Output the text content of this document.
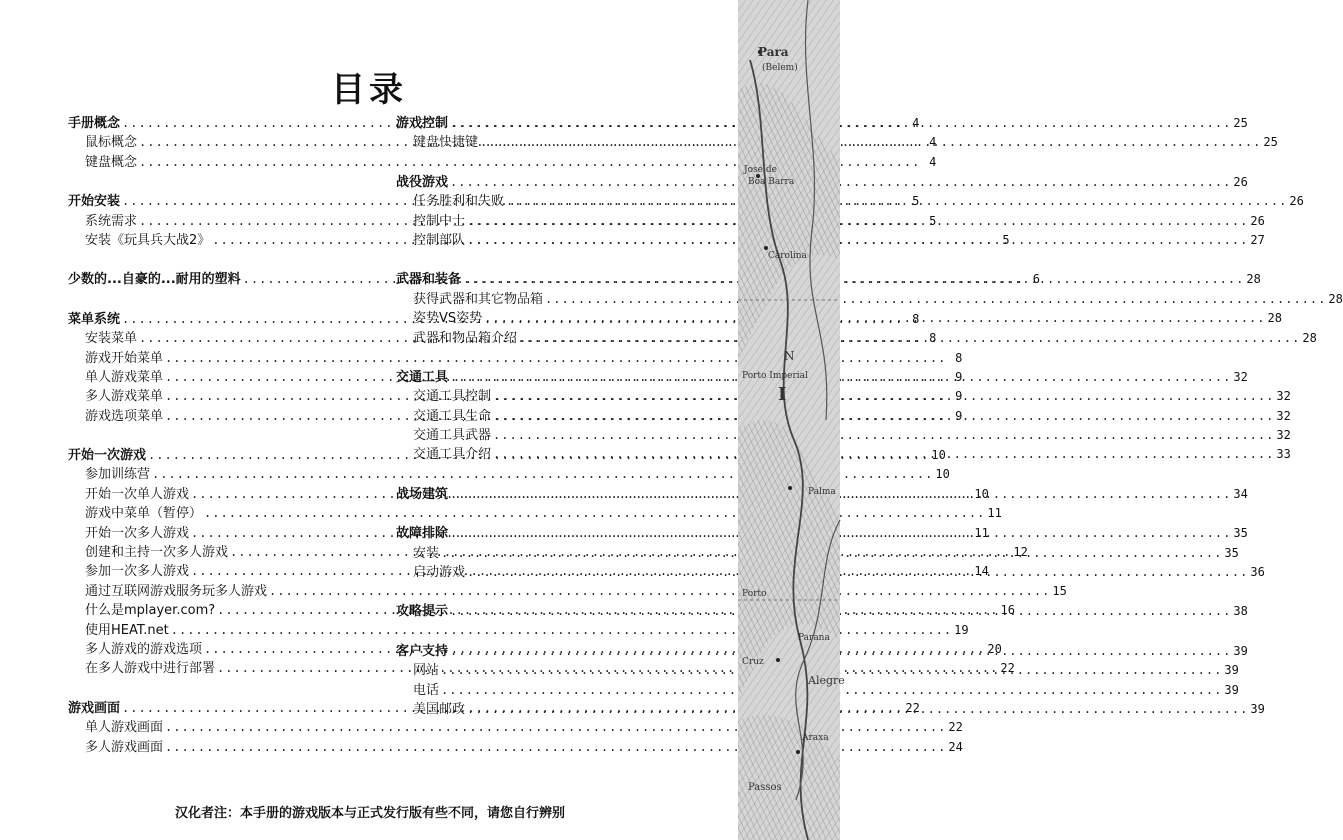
目录
手册概念 .....	4
鼠标概念 .....	4
键盘概念 .....	4
开始安装 .....	5
系统需求 .....	5
安装《玩具兵大战2》 .....	5
少数的...自豪的...耐用的塑料 .....	6
菜单系统 .....	8
安装菜单 .....	8
游戏开始菜单 .....	8
单人游戏菜单 .....	9
多人游戏菜单 .....	9
游戏选项菜单 .....	9
开始一次游戏 .....	10
参加训练营 .....	10
开始一次单人游戏 .....	10
游戏中菜单（暂停） .....	11
开始一次多人游戏 .....	11
创建和主持一次多人游戏 .....	12
参加一次多人游戏 .....	14
通过互联网游戏服务玩多人游戏 .....	15
什么是mplayer.com? .....	16
使用HEAT.net .....	19
多人游戏的游戏选项 .....	20
在多人游戏中进行部署 .....	22
游戏画面 .....	22
单人游戏画面 .....	22
多人游戏画面 .....	24
游戏控制 .....	25
键盘快捷键 .....	25
战役游戏 .....	26
任务胜利和失败 .....	26
控制中士 .....	26
控制部队 .....	27
武器和装备 .....	28
获得武器和其它物品箱 .....	28
姿势VS姿势 .....	28
武器和物品箱介绍 .....	28
交通工具 .....	32
交通工具控制 .....	32
交通工具生命 .....	32
交通工具武器 .....	32
交通工具介绍 .....	33
战场建筑 .....	34
故障排除 .....	35
安装 .....	35
启动游戏 .....	36
攻略提示 .....	38
客户支持 .....	39
网站 .....	39
电话 .....	39
美国邮政 .....	39
汉化者注：本手册的游戏版本与正式发行版有些不同，请您自行辨别
Para
(Belem)
Jose de
Boa Barra
Carolina
Porto Imperial
Palma
Porto
Parana
Cruz
Alegre
Araxa
Passos
N
I
